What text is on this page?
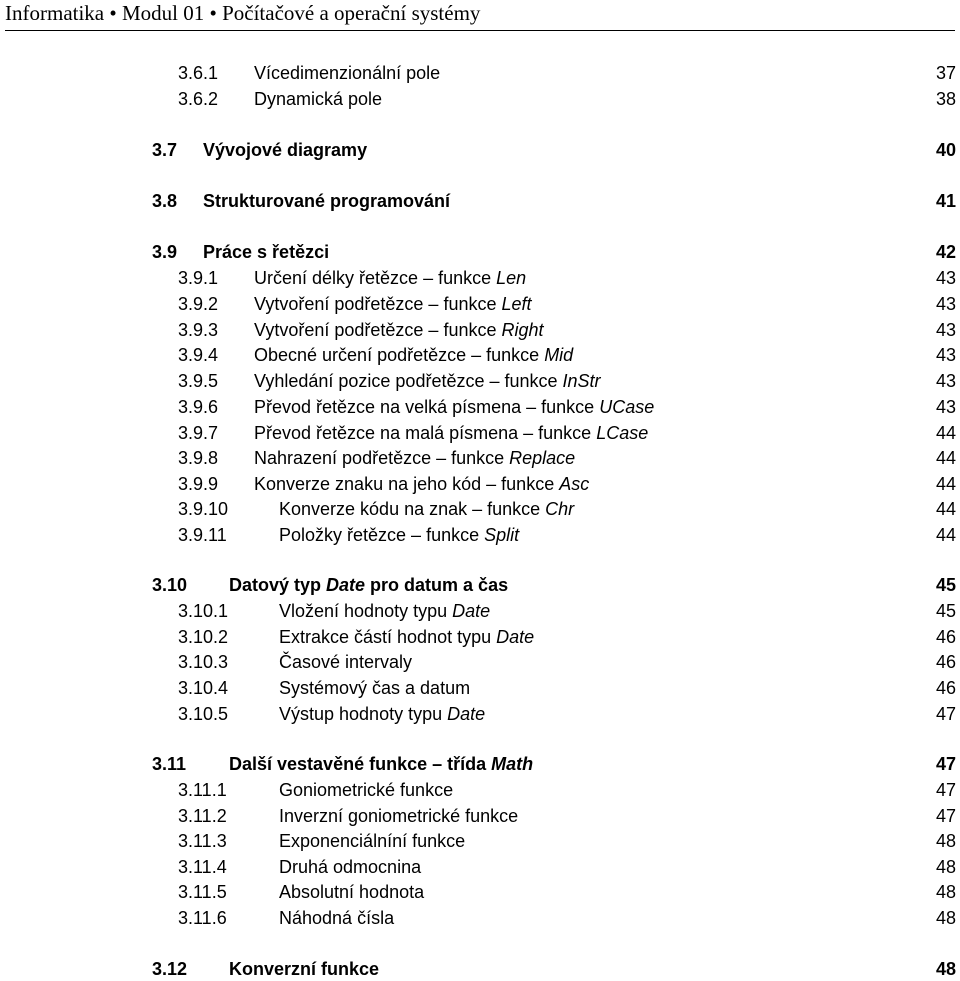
Informatika • Modul 01 • Počítačové a operační systémy
3.6.1 Vícedimenzionální pole	37
3.6.2 Dynamická pole	38
3.7 Vývojové diagramy	40
3.8 Strukturované programování	41
3.9 Práce s řetězci	42
3.9.1 Určení délky řetězce – funkce Len	43
3.9.2 Vytvoření podřetězce – funkce Left	43
3.9.3 Vytvoření podřetězce – funkce Right	43
3.9.4 Obecné určení podřetězce – funkce Mid	43
3.9.5 Vyhledání pozice podřetězce – funkce InStr	43
3.9.6 Převod řetězce na velká písmena – funkce UCase	43
3.9.7 Převod řetězce na malá písmena – funkce LCase	44
3.9.8 Nahrazení podřetězce – funkce Replace	44
3.9.9 Konverze znaku na jeho kód – funkce Asc	44
3.9.10	Konverze kódu na znak – funkce Chr	44
3.9.11	Položky řetězce – funkce Split	44
3.10 Datový typ Date pro datum a čas	45
3.10.1	Vložení hodnoty typu Date	45
3.10.2	Extrakce částí hodnot typu Date	46
3.10.3	Časové intervaly	46
3.10.4	Systémový čas a datum	46
3.10.5	Výstup hodnoty typu Date	47
3.11 Další vestavěné funkce – třída Math	47
3.11.1	Goniometrické funkce	47
3.11.2	Inverzní goniometrické funkce	47
3.11.3	Exponenciálníní funkce	48
3.11.4	Druhá odmocnina	48
3.11.5	Absolutní hodnota	48
3.11.6	Náhodná čísla	48
3.12 Konverzní funkce	48
